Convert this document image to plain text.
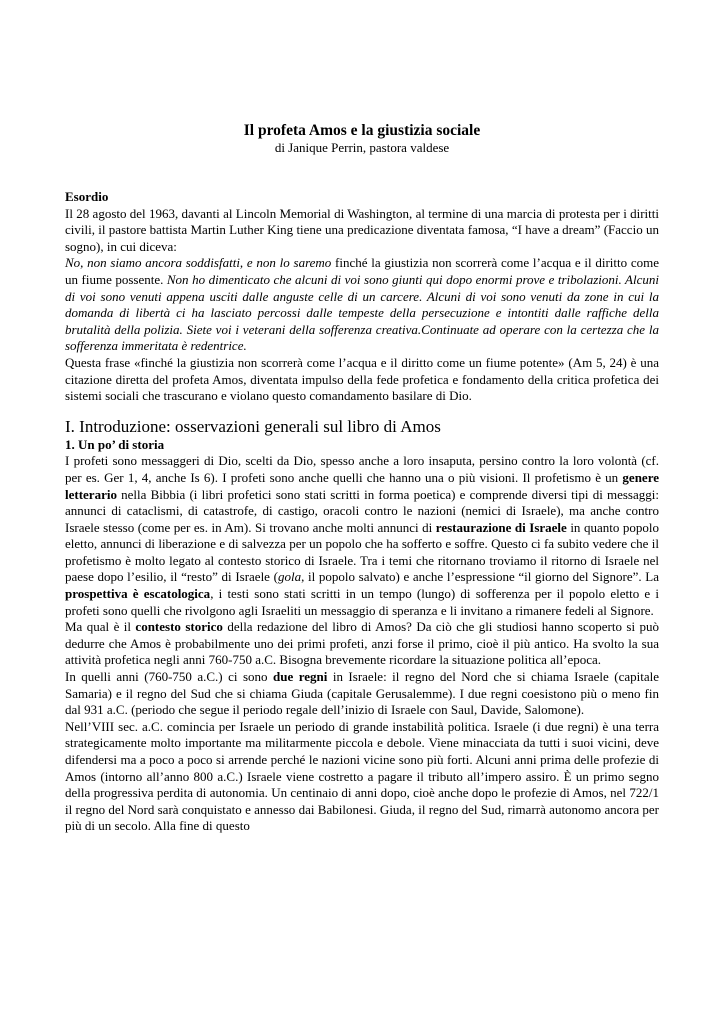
Il profeta Amos e la giustizia sociale

di Janique Perrin, pastora valdese

Esordio

Il 28 agosto del 1963, davanti al Lincoln Memorial di Washington, al termine di una marcia di protesta per i diritti civili, il pastore battista Martin Luther King tiene una predicazione diventata famosa, “I have a dream” (Faccio un sogno), in cui diceva:

No, non siamo ancora soddisfatti, e non lo saremo finché la giustizia non scorrerà come l’acqua e il diritto come un fiume possente. Non ho dimenticato che alcuni di voi sono giunti qui dopo enormi prove e tribolazioni. Alcuni di voi sono venuti appena usciti dalle anguste celle di un carcere. Alcuni di voi sono venuti da zone in cui la domanda di libertà ci ha lasciato percossi dalle tempeste della persecuzione e intontiti dalle raffiche della brutalità della polizia. Siete voi i veterani della sofferenza creativa.Continuate ad operare con la certezza che la sofferenza immeritata è redentrice.

Questa frase «finché la giustizia non scorrerà come l’acqua e il diritto come un fiume potente» (Am 5, 24) è una citazione diretta del profeta Amos, diventata impulso della fede profetica e fondamento della critica profetica dei sistemi sociali che trascurano e violano questo comandamento basilare di Dio.

I. Introduzione: osservazioni generali sul libro di Amos

1. Un po’ di storia

I profeti sono messaggeri di Dio, scelti da Dio, spesso anche a loro insaputa, persino contro la loro volontà (cf. per es. Ger 1, 4, anche Is 6). I profeti sono anche quelli che hanno una o più visioni. Il profetismo è un genere letterario nella Bibbia (i libri profetici sono stati scritti in forma poetica) e comprende diversi tipi di messaggi: annunci di cataclismi, di catastrofe, di castigo, oracoli contro le nazioni (nemici di Israele), ma anche contro Israele stesso (come per es. in Am). Si trovano anche molti annunci di restaurazione di Israele in quanto popolo eletto, annunci di liberazione e di salvezza per un popolo che ha sofferto e soffre. Questo ci fa subito vedere che il profetismo è molto legato al contesto storico di Israele. Tra i temi che ritornano troviamo il ritorno di Israele nel paese dopo l’esilio, il “resto” di Israele (gola, il popolo salvato) e anche l’espressione “il giorno del Signore”. La prospettiva è escatologica, i testi sono stati scritti in un tempo (lungo) di sofferenza per il popolo eletto e i profeti sono quelli che rivolgono agli Israeliti un messaggio di speranza e li invitano a rimanere fedeli al Signore.

Ma qual è il contesto storico della redazione del libro di Amos? Da ciò che gli studiosi hanno scoperto si può dedurre che Amos è probabilmente uno dei primi profeti, anzi forse il primo, cioè il più antico. Ha svolto la sua attività profetica negli anni 760-750 a.C. Bisogna brevemente ricordare la situazione politica all’epoca.

In quelli anni (760-750 a.C.) ci sono due regni in Israele: il regno del Nord che si chiama Israele (capitale Samaria) e il regno del Sud che si chiama Giuda (capitale Gerusalemme). I due regni coesistono più o meno fin dal 931 a.C. (periodo che segue il periodo regale dell’inizio di Israele con Saul, Davide, Salomone).

Nell’VIII sec. a.C. comincia per Israele un periodo di grande instabilità politica. Israele (i due regni) è una terra strategicamente molto importante ma militarmente piccola e debole. Viene minacciata da tutti i suoi vicini, deve difendersi ma a poco a poco si arrende perché le nazioni vicine sono più forti. Alcuni anni prima delle profezie di Amos (intorno all’anno 800 a.C.) Israele viene costretto a pagare il tributo all’impero assiro. È un primo segno della progressiva perdita di autonomia. Un centinaio di anni dopo, cioè anche dopo le profezie di Amos, nel 722/1 il regno del Nord sarà conquistato e annesso dai Babilonesi. Giuda, il regno del Sud, rimarrà autonomo ancora per più di un secolo. Alla fine di questo
